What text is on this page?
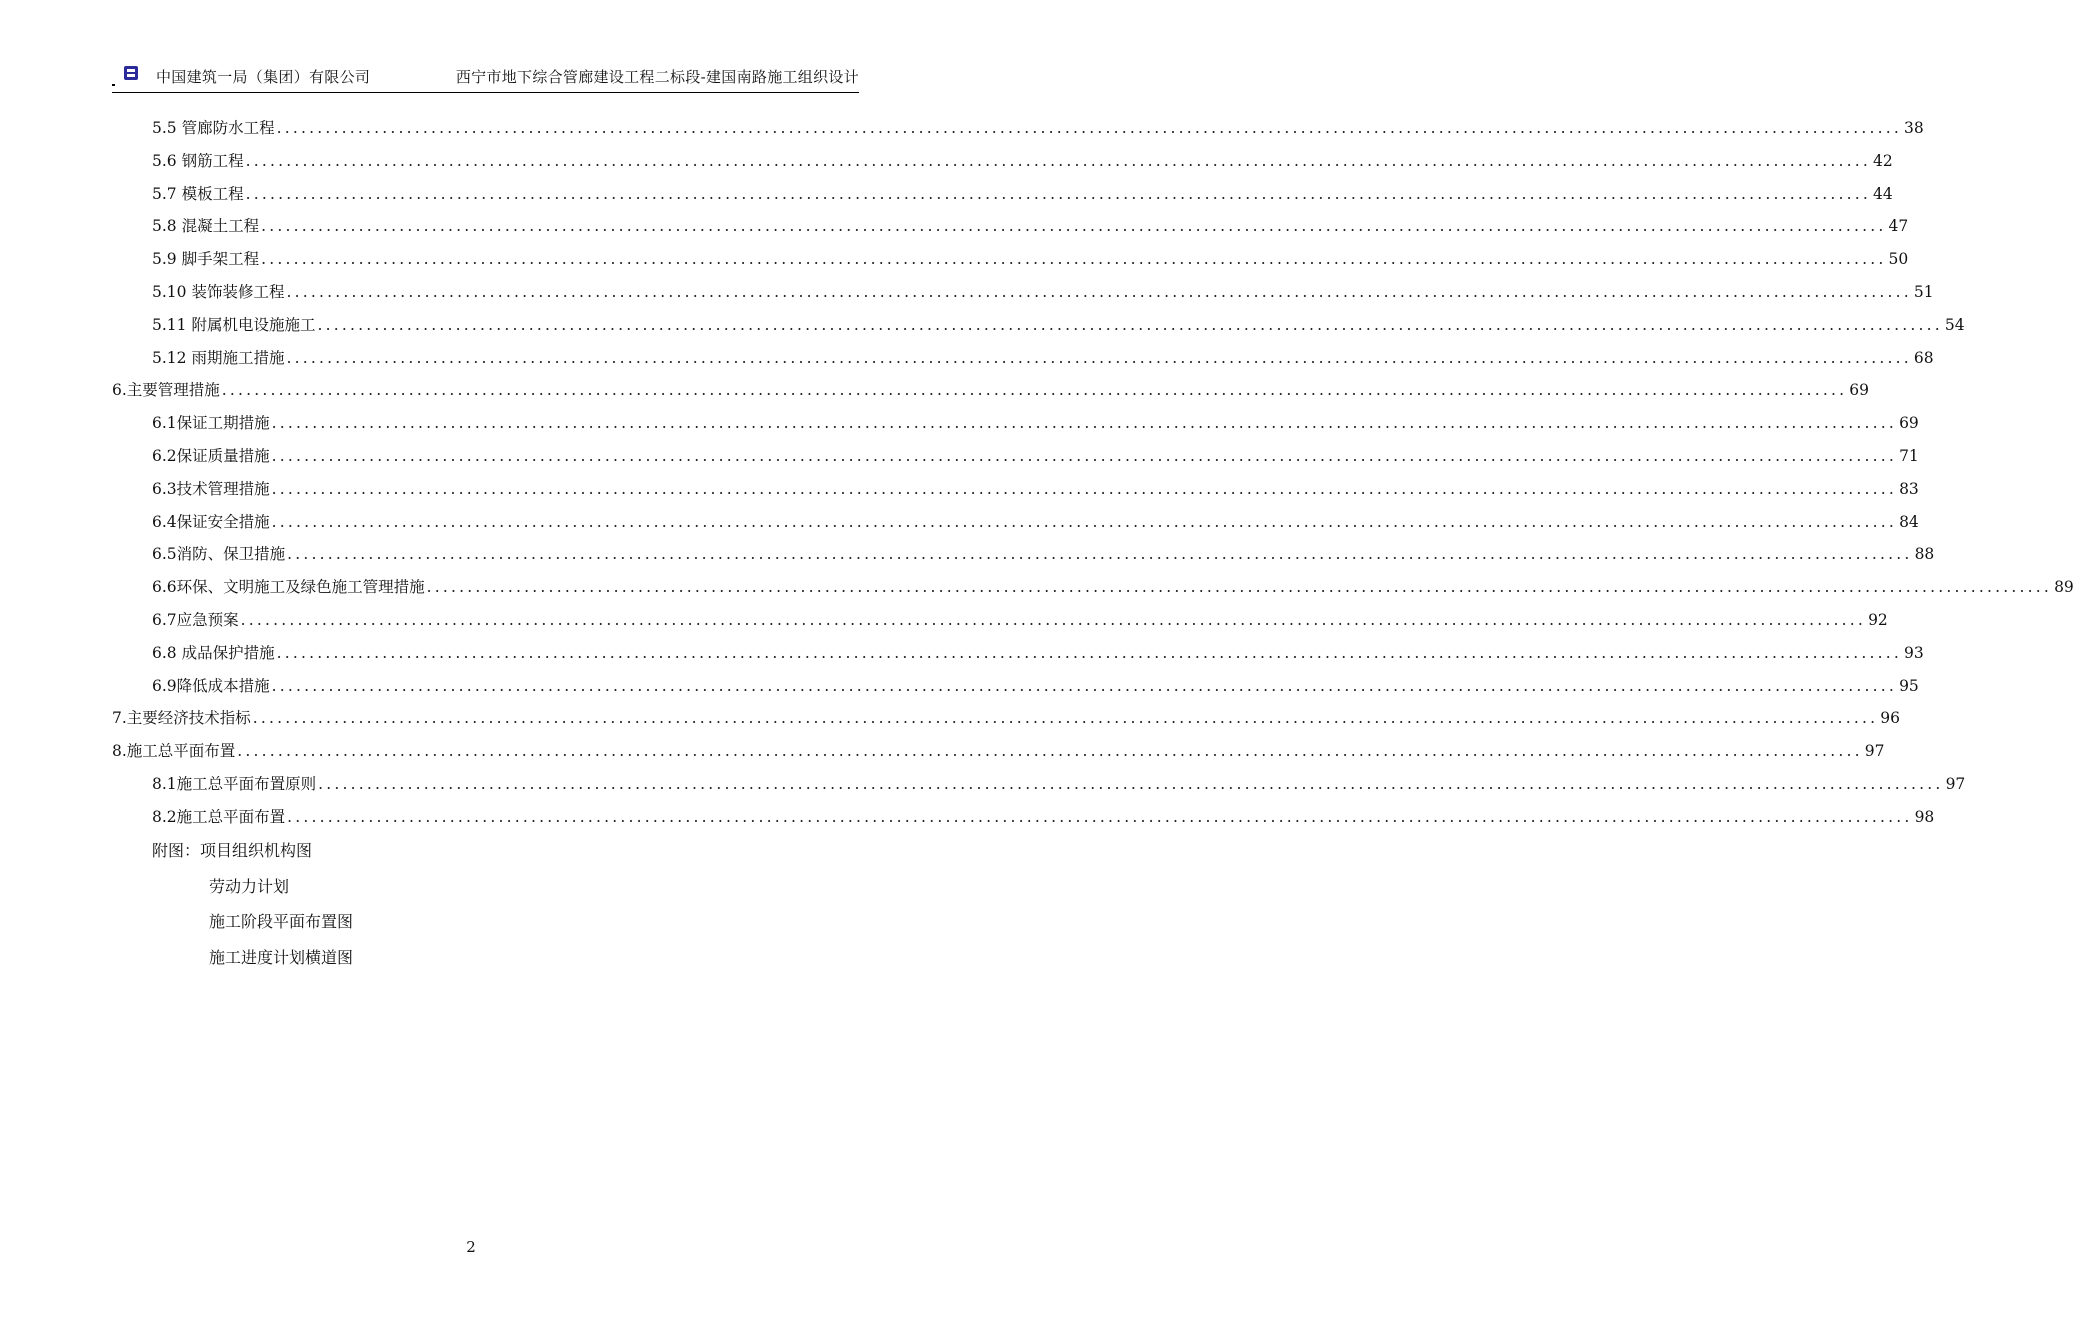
中国建筑一局（集团）有限公司	西宁市地下综合管廊建设工程二标段-建国南路施工组织设计
5.5 管廊防水工程 ........................................................................................................................................................................................................ 38
5.6 钢筋工程 ........................................................................................................................................................................................................ 42
5.7 模板工程 ........................................................................................................................................................................................................ 44
5.8 混凝土工程 ........................................................................................................................................................................................................ 47
5.9 脚手架工程 ........................................................................................................................................................................................................ 50
5.10 装饰装修工程 ........................................................................................................................................................................................................ 51
5.11 附属机电设施施工 ........................................................................................................................................................................................................ 54
5.12 雨期施工措施 ........................................................................................................................................................................................................ 68
6.主要管理措施 ........................................................................................................................................................................................................ 69
6.1保证工期措施 ........................................................................................................................................................................................................ 69
6.2保证质量措施 ........................................................................................................................................................................................................ 71
6.3技术管理措施 ........................................................................................................................................................................................................ 83
6.4保证安全措施 ........................................................................................................................................................................................................ 84
6.5消防、保卫措施 ........................................................................................................................................................................................................ 88
6.6环保、文明施工及绿色施工管理措施 ........................................................................................................................................................................................................ 89
6.7应急预案 ........................................................................................................................................................................................................ 92
6.8 成品保护措施 ........................................................................................................................................................................................................ 93
6.9降低成本措施 ........................................................................................................................................................................................................ 95
7.主要经济技术指标 ........................................................................................................................................................................................................ 96
8.施工总平面布置 ........................................................................................................................................................................................................ 97
8.1施工总平面布置原则 ........................................................................................................................................................................................................ 97
8.2施工总平面布置 ........................................................................................................................................................................................................ 98
附图：项目组织机构图
劳动力计划
施工阶段平面布置图
施工进度计划横道图
2
